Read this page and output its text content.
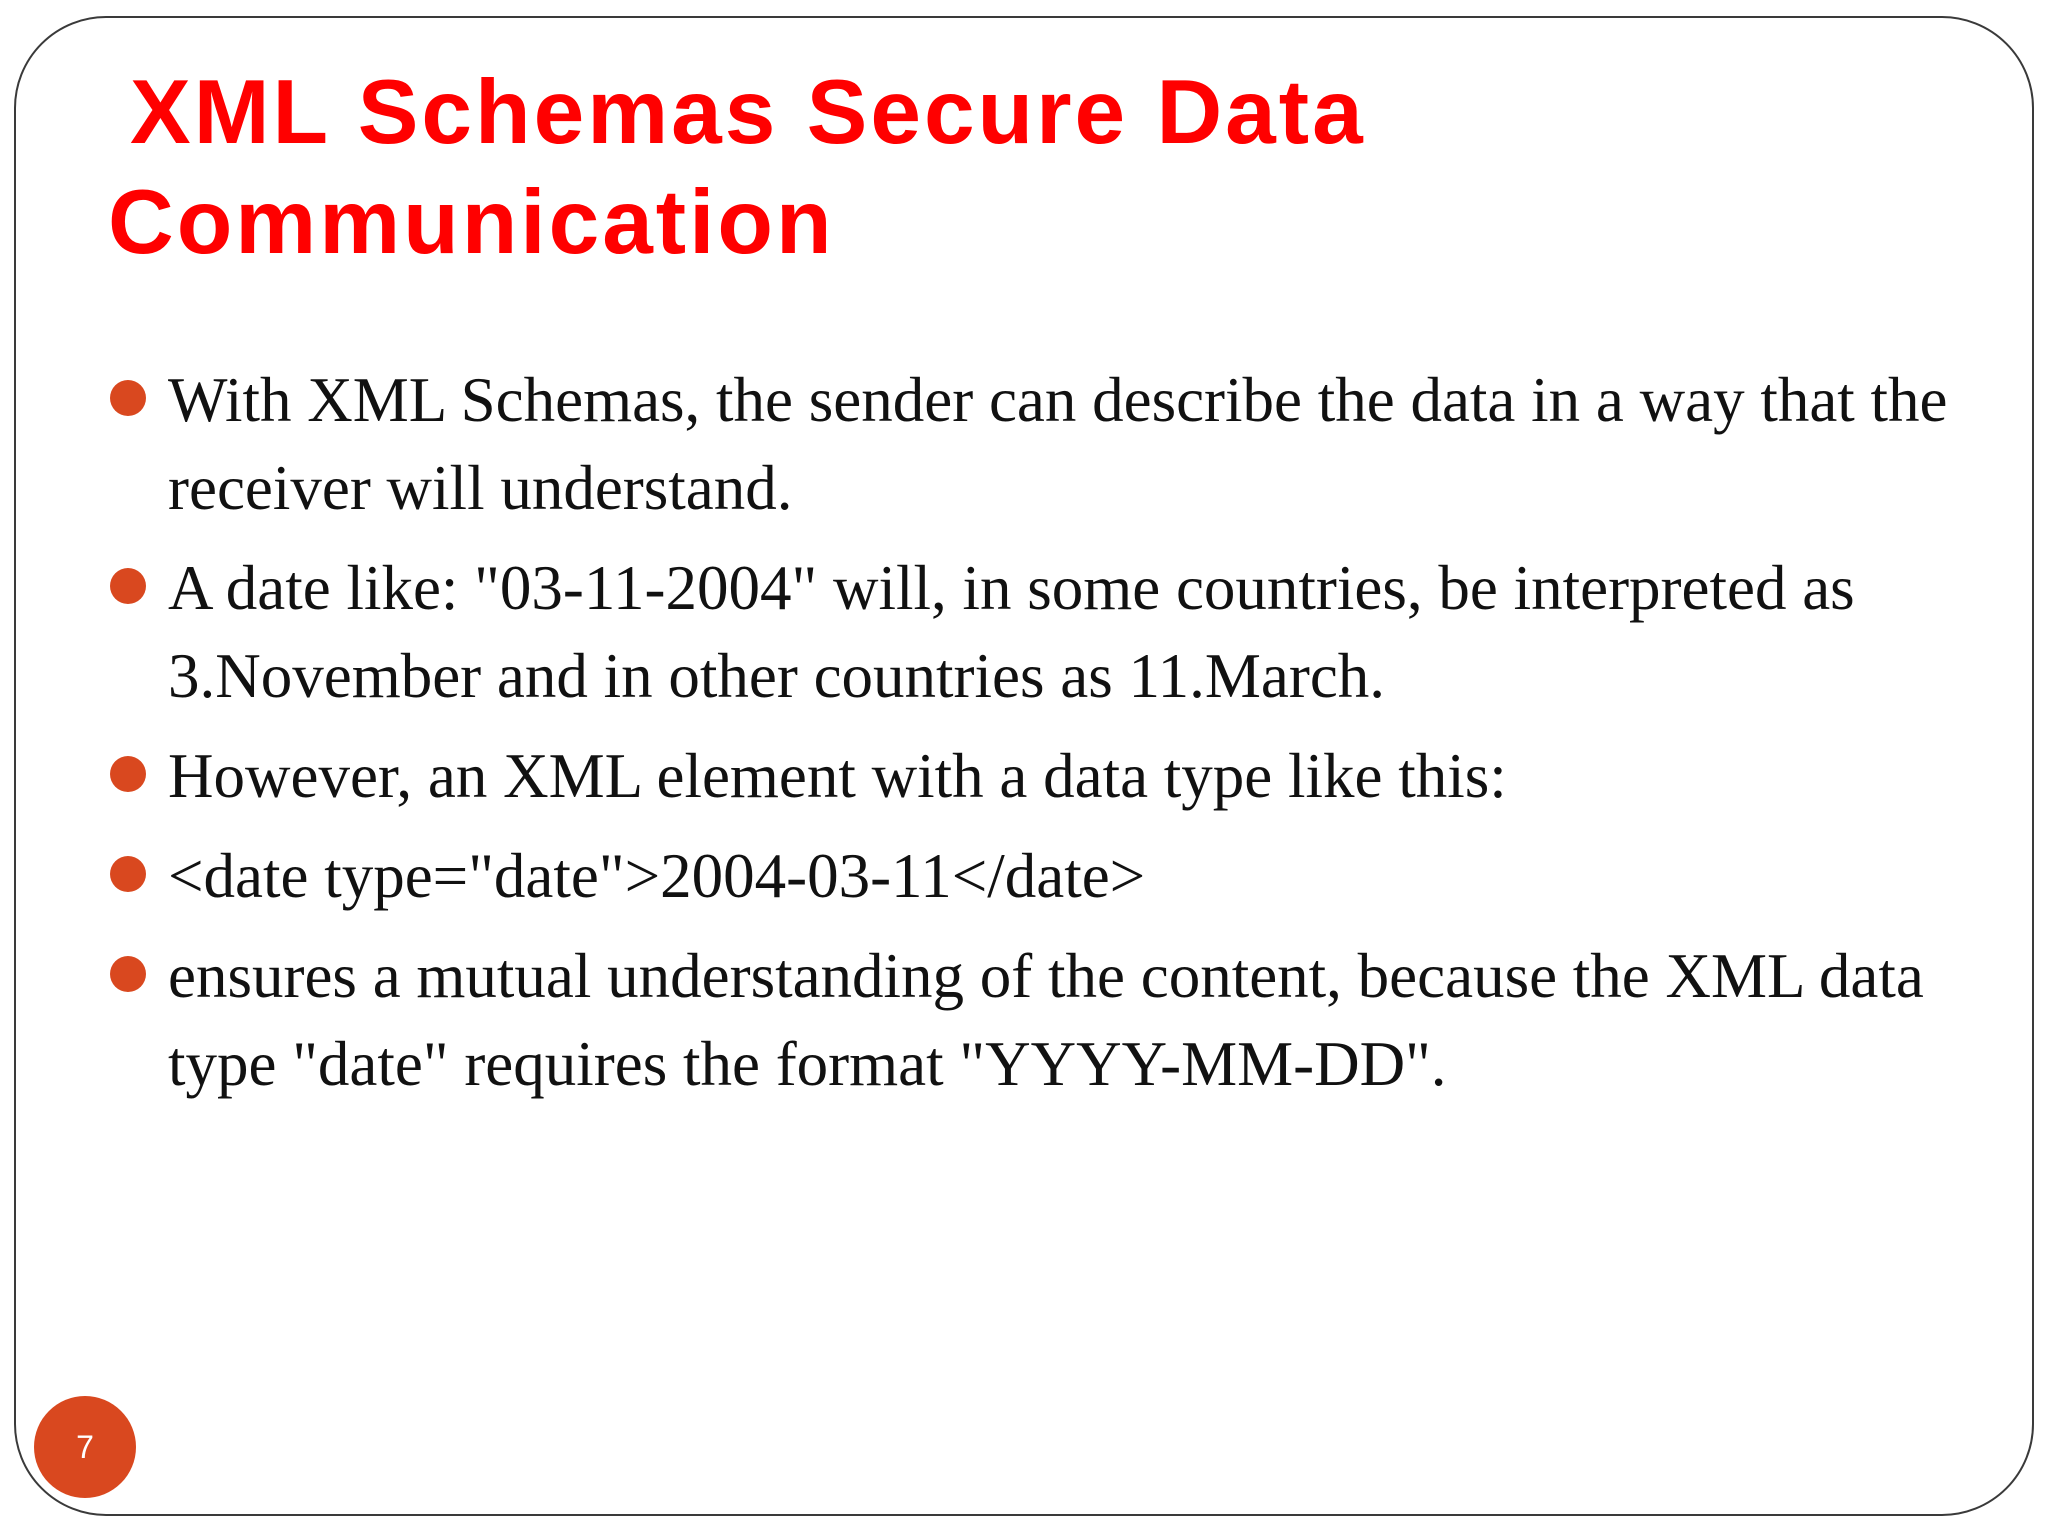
XML Schemas Secure Data
Communication
With XML Schemas, the sender can describe the data in a way that the receiver will understand.
A date like: "03-11-2004" will, in some countries, be interpreted as 3.November and in other countries as 11.March.
However, an XML element with a data type like this:
<date type="date">2004-03-11</date>
ensures a mutual understanding of the content, because the XML data type "date" requires the format "YYYY-MM-DD".
7
